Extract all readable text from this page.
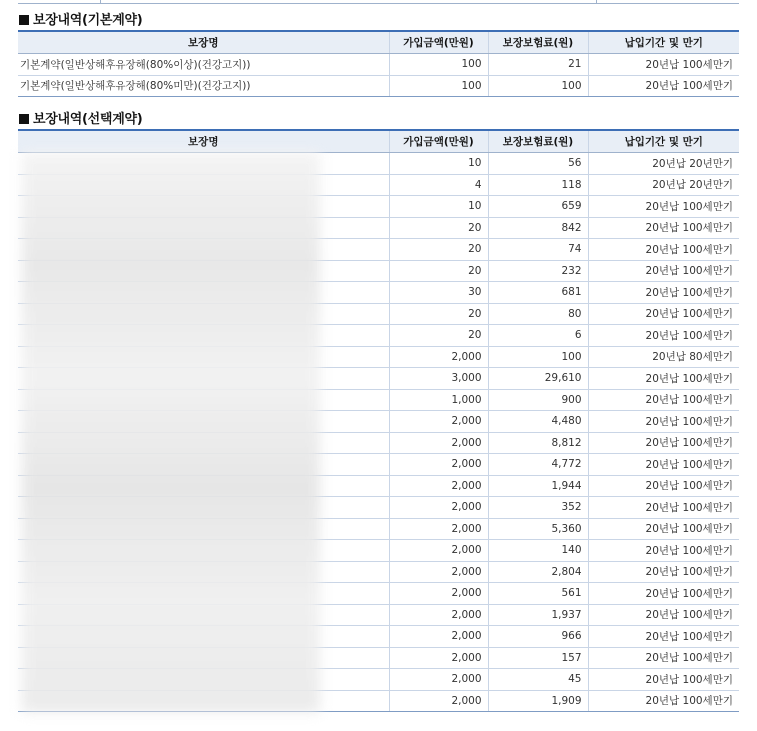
보장내역(기본계약)
보장명	가입금액(만원)	보장보험료(원)	납입기간 및 만기
기본계약(일반상해후유장해(80%이상)(건강고지))	100	21	20년납 100세만기
기본계약(일반상해후유장해(80%미만)(건강고지))	100	100	20년납 100세만기
보장내역(선택계약)
보장명	가입금액(만원)	보장보험료(원)	납입기간 및 만기
	10	56	20년납 20년만기
	4	118	20년납 20년만기
	10	659	20년납 100세만기
	20	842	20년납 100세만기
	20	74	20년납 100세만기
	20	232	20년납 100세만기
	30	681	20년납 100세만기
	20	80	20년납 100세만기
	20	6	20년납 100세만기
	2,000	100	20년납 80세만기
	3,000	29,610	20년납 100세만기
	1,000	900	20년납 100세만기
	2,000	4,480	20년납 100세만기
	2,000	8,812	20년납 100세만기
	2,000	4,772	20년납 100세만기
	2,000	1,944	20년납 100세만기
	2,000	352	20년납 100세만기
	2,000	5,360	20년납 100세만기
	2,000	140	20년납 100세만기
	2,000	2,804	20년납 100세만기
	2,000	561	20년납 100세만기
	2,000	1,937	20년납 100세만기
	2,000	966	20년납 100세만기
	2,000	157	20년납 100세만기
	2,000	45	20년납 100세만기
	2,000	1,909	20년납 100세만기
